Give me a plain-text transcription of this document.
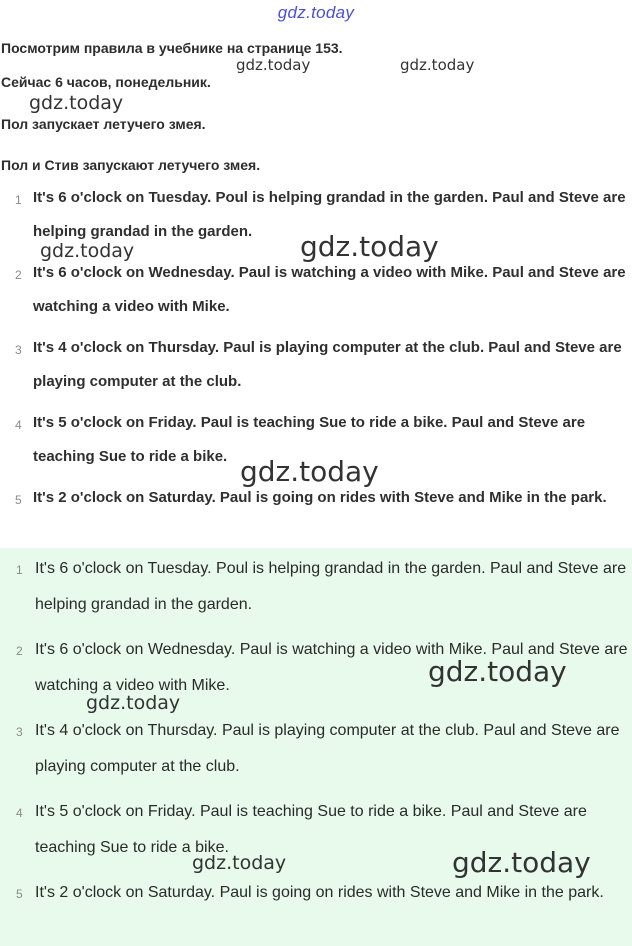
gdz.today
Посмотрим правила в учебнике на странице 153.
Сейчас 6 часов, понедельник.
Пол запускает летучего змея.
Пол и Стив запускают летучего змея.
1 It's 6 o'clock on Tuesday. Poul is helping grandad in the garden. Paul and Steve are helping grandad in the garden.
2 It's 6 o'clock on Wednesday. Paul is watching a video with Mike. Paul and Steve are watching a video with Mike.
3 It's 4 o'clock on Thursday. Paul is playing computer at the club. Paul and Steve are playing computer at the club.
4 It's 5 o'clock on Friday. Paul is teaching Sue to ride a bike. Paul and Steve are teaching Sue to ride a bike.
5 It's 2 o'clock on Saturday. Paul is going on rides with Steve and Mike in the park.
1 It's 6 o'clock on Tuesday. Poul is helping grandad in the garden. Paul and Steve are helping grandad in the garden.
2 It's 6 o'clock on Wednesday. Paul is watching a video with Mike. Paul and Steve are watching a video with Mike.
3 It's 4 o'clock on Thursday. Paul is playing computer at the club. Paul and Steve are playing computer at the club.
4 It's 5 o'clock on Friday. Paul is teaching Sue to ride a bike. Paul and Steve are teaching Sue to ride a bike.
5 It's 2 o'clock on Saturday. Paul is going on rides with Steve and Mike in the park.
gdz.today	gdz.today
gdz.today
gdz.today	gdz.today
gdz.today
gdz.today
gdz.today
gdz.today	gdz.today
